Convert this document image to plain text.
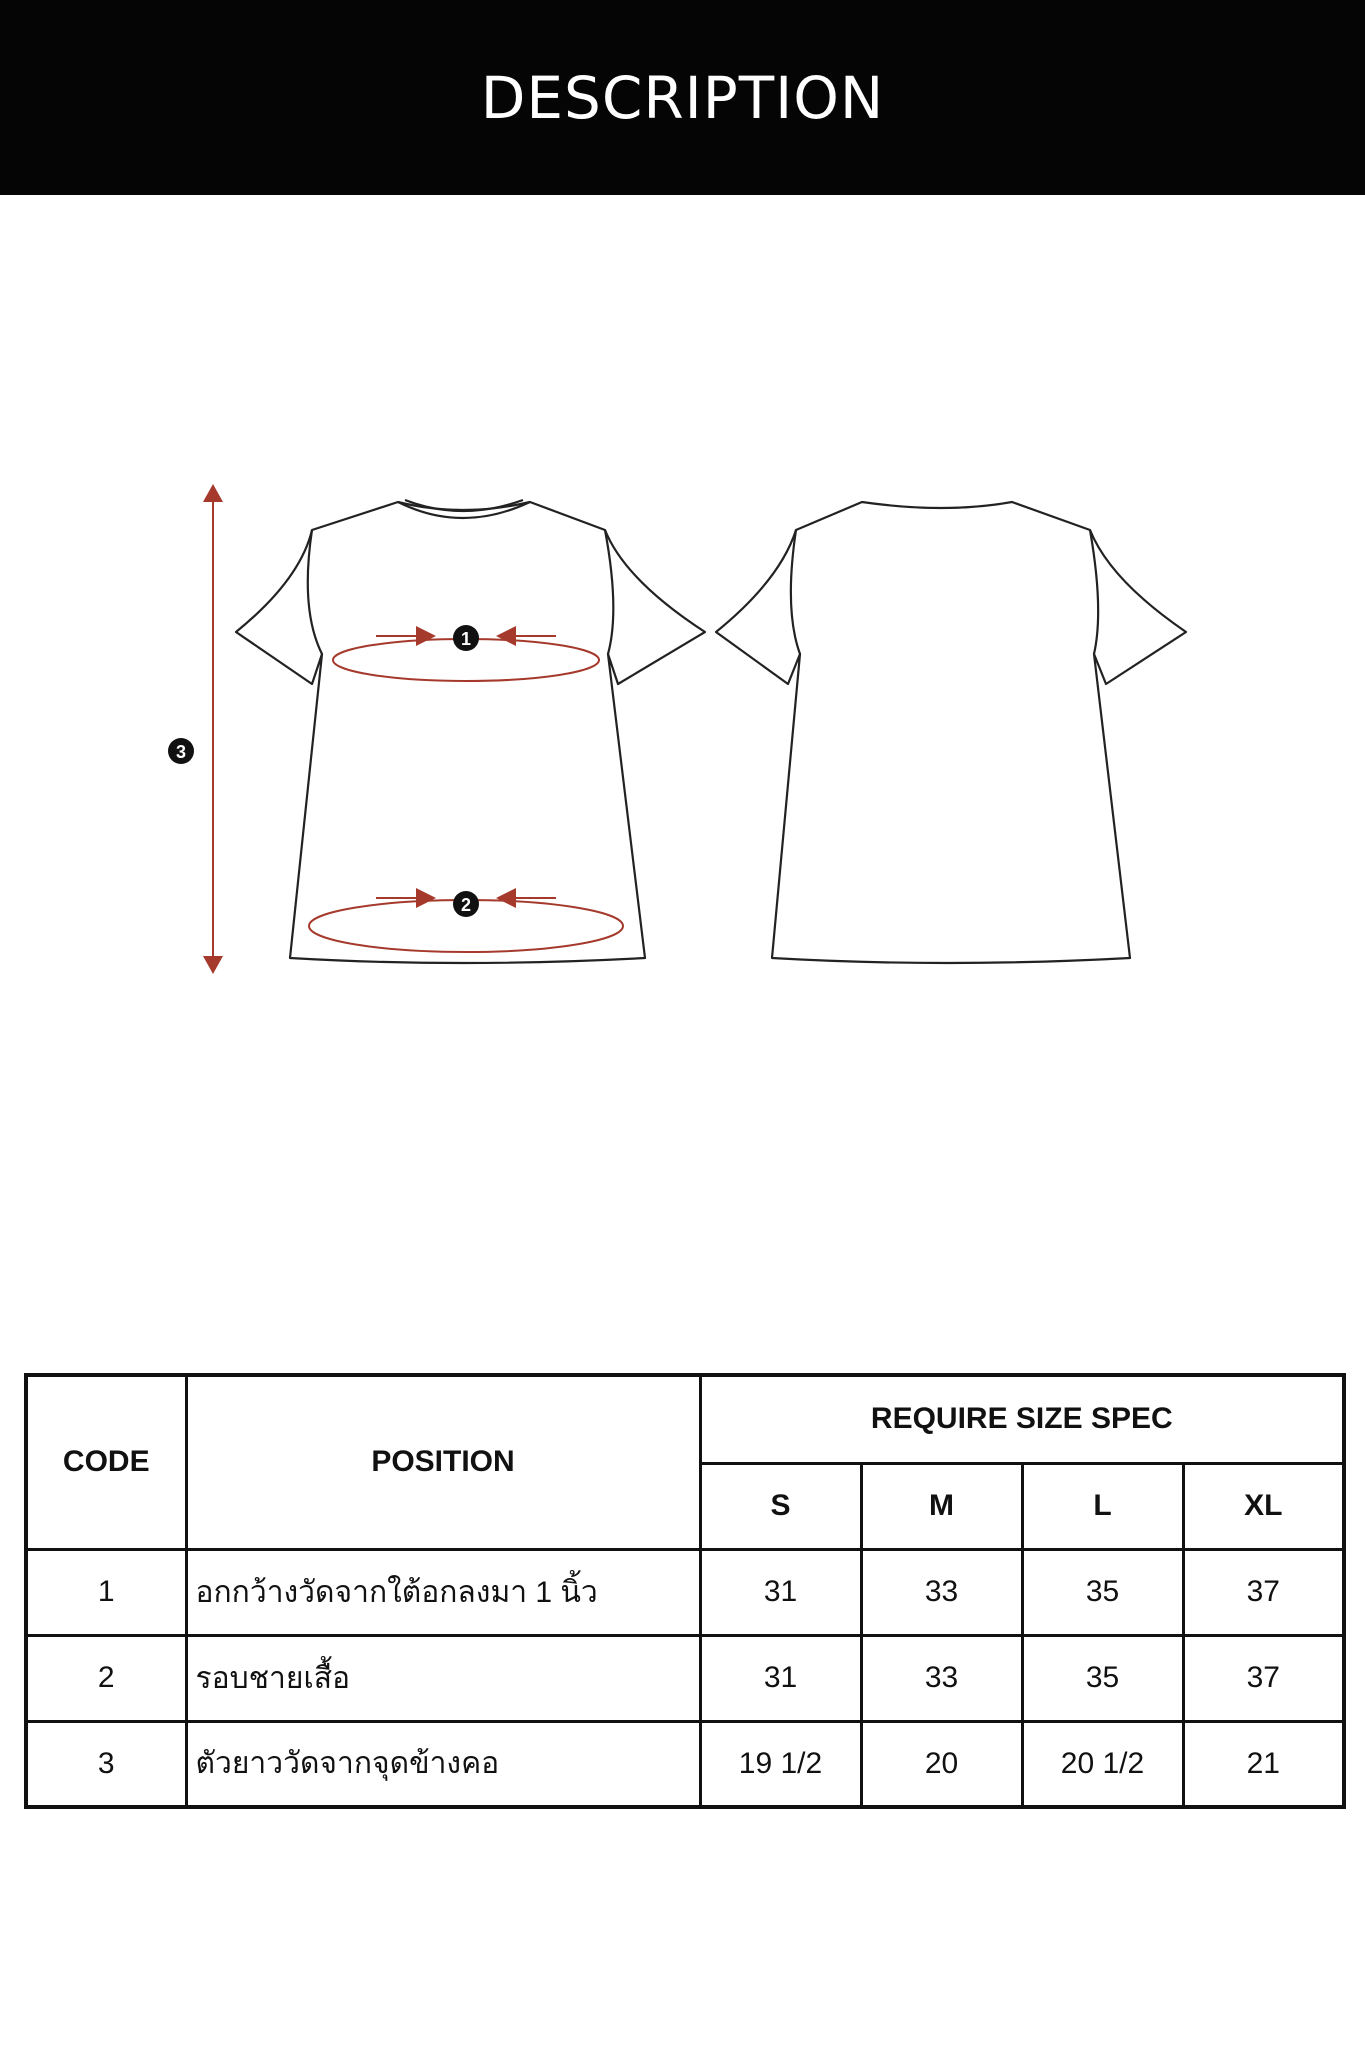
DESCRIPTION
1
2
3
CODE	POSITION	REQUIRE SIZE SPEC			
		S	M	L	XL
1	อกกว้างวัดจากใต้อกลงมา 1 นิ้ว	31	33	35	37
2	รอบชายเสื้อ	31	33	35	37
3	ตัวยาววัดจากจุดข้างคอ	19 1/2	20	20 1/2	21
